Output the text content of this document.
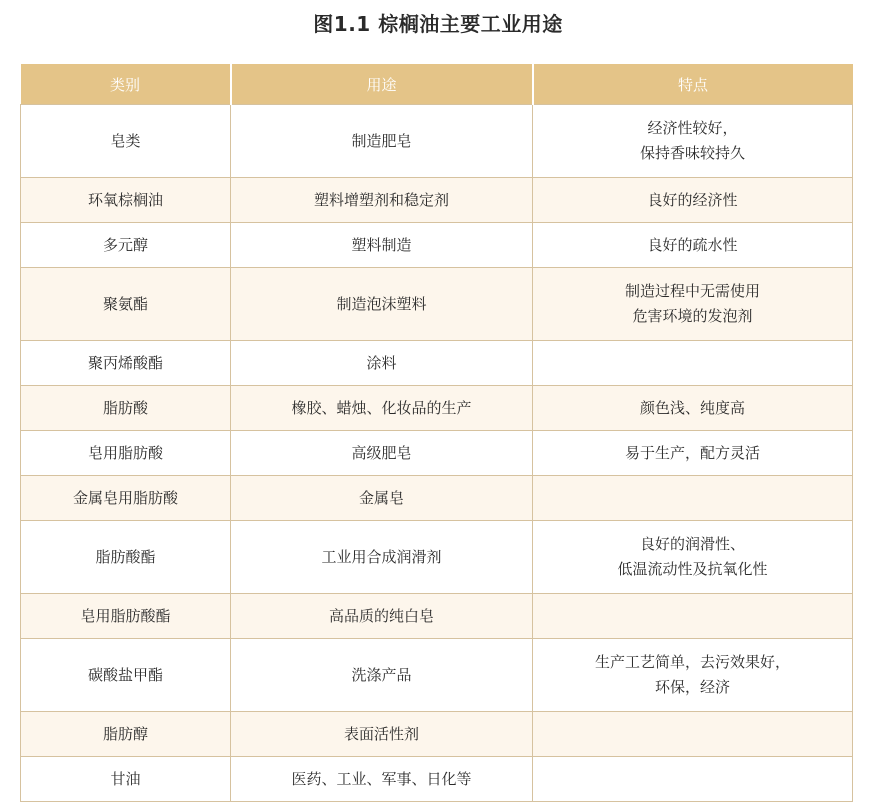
图1.1 棕榈油主要工业用途
类别	用途	特点
皂类	制造肥皂	经济性较好，
保持香味较持久

环氧棕榈油	塑料增塑剂和稳定剂	良好的经济性
多元醇	塑料制造	良好的疏水性
聚氨酯	制造泡沫塑料	制造过程中无需使用
危害环境的发泡剂

聚丙烯酸酯	涂料	
脂肪酸	橡胶、蜡烛、化妆品的生产	颜色浅、纯度高
皂用脂肪酸	高级肥皂	易于生产，配方灵活
金属皂用脂肪酸	金属皂	
脂肪酸酯	工业用合成润滑剂	良好的润滑性、
低温流动性及抗氧化性

皂用脂肪酸酯	高品质的纯白皂	
碳酸盐甲酯	洗涤产品	生产工艺简单，去污效果好，
环保，经济

脂肪醇	表面活性剂	
甘油	医药、工业、军事、日化等	
